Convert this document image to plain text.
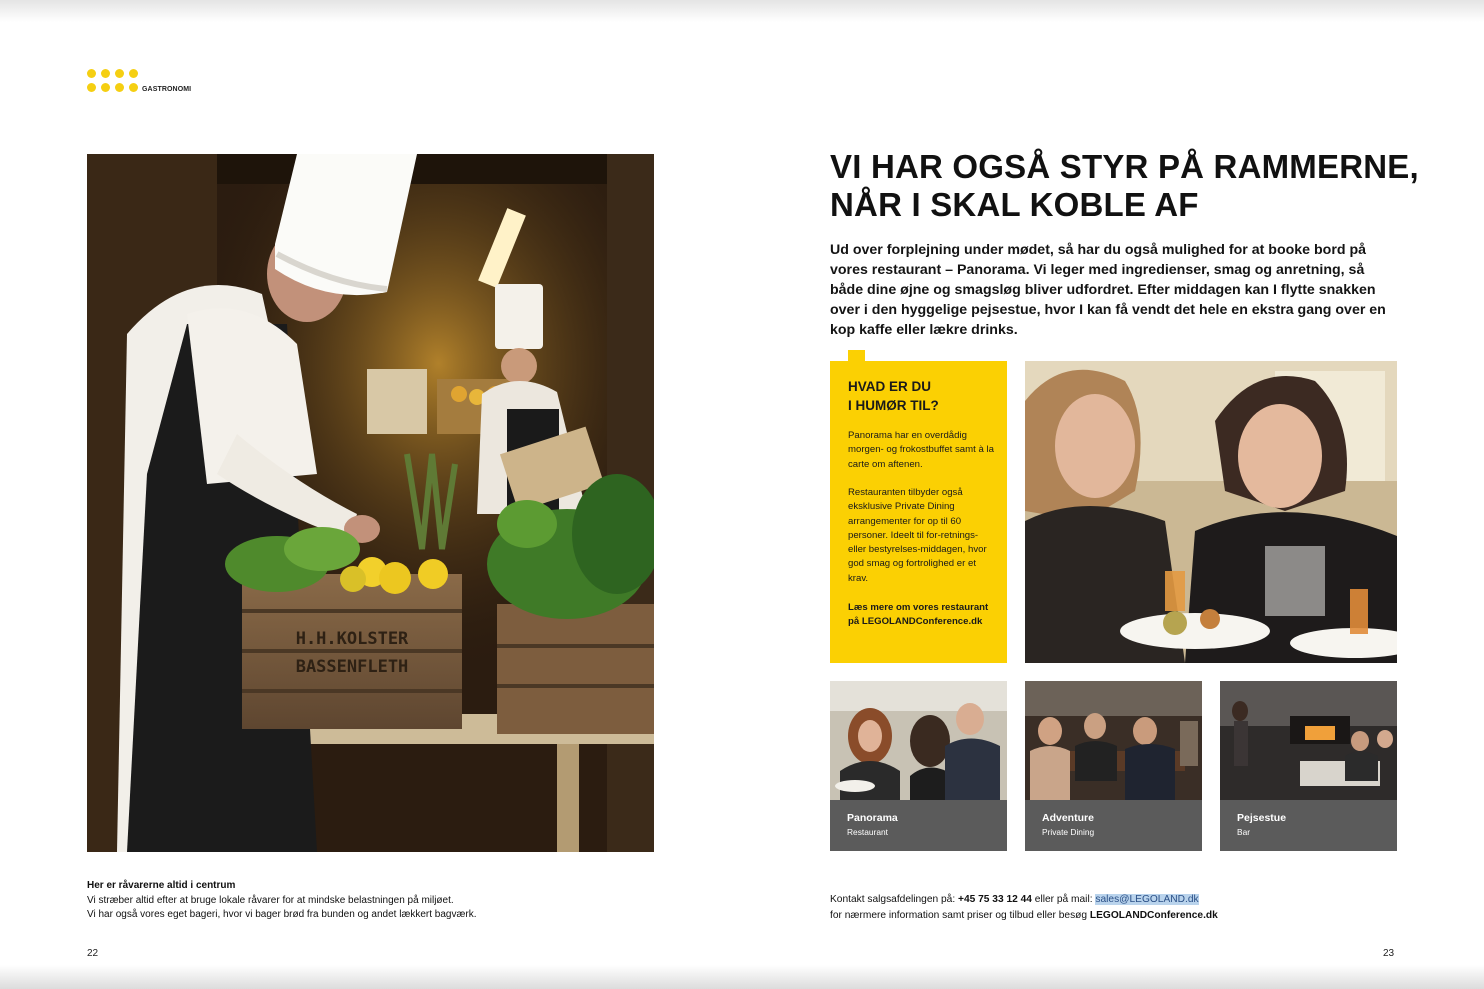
GASTRONOMI
H.H.KOLSTER
BASSENFLETH
Her er råvarerne altid i centrum
Vi stræber altid efter at bruge lokale råvarer for at mindske belastningen på miljøet.
Vi har også vores eget bageri, hvor vi bager brød fra bunden og andet lækkert bagværk.
22
VI HAR OGSÅ STYR PÅ RAMMERNE,
NÅR I SKAL KOBLE AF

Ud over forplejning under mødet, så har du også mulighed for at booke bord på vores restaurant – Panorama. Vi leger med ingredienser, smag og anretning, så både dine øjne og smagsløg bliver udfordret. Efter middagen kan I flytte snakken over i den hyggelige pejsestue, hvor I kan få vendt det hele en ekstra gang over en kop kaffe eller lækre drinks.

HVAD ER DU
I HUMØR TIL?

Panorama har en overdådig morgen- og frokostbuffet samt à la carte om aftenen.

Restauranten tilbyder også eksklusive Private Dining arrangementer for op til 60 personer. Ideelt til for-retnings- eller bestyrelses-middagen, hvor god smag og fortrolighed er et krav.

Læs mere om vores restaurant på LEGOLANDConference.dk

Panorama
Restaurant
Adventure
Private Dining
Pejsestue
Bar
Kontakt salgsafdelingen på: +45 75 33 12 44 eller på mail: sales@LEGOLAND.dk
for nærmere information samt priser og tilbud eller besøg LEGOLANDConference.dk
23
